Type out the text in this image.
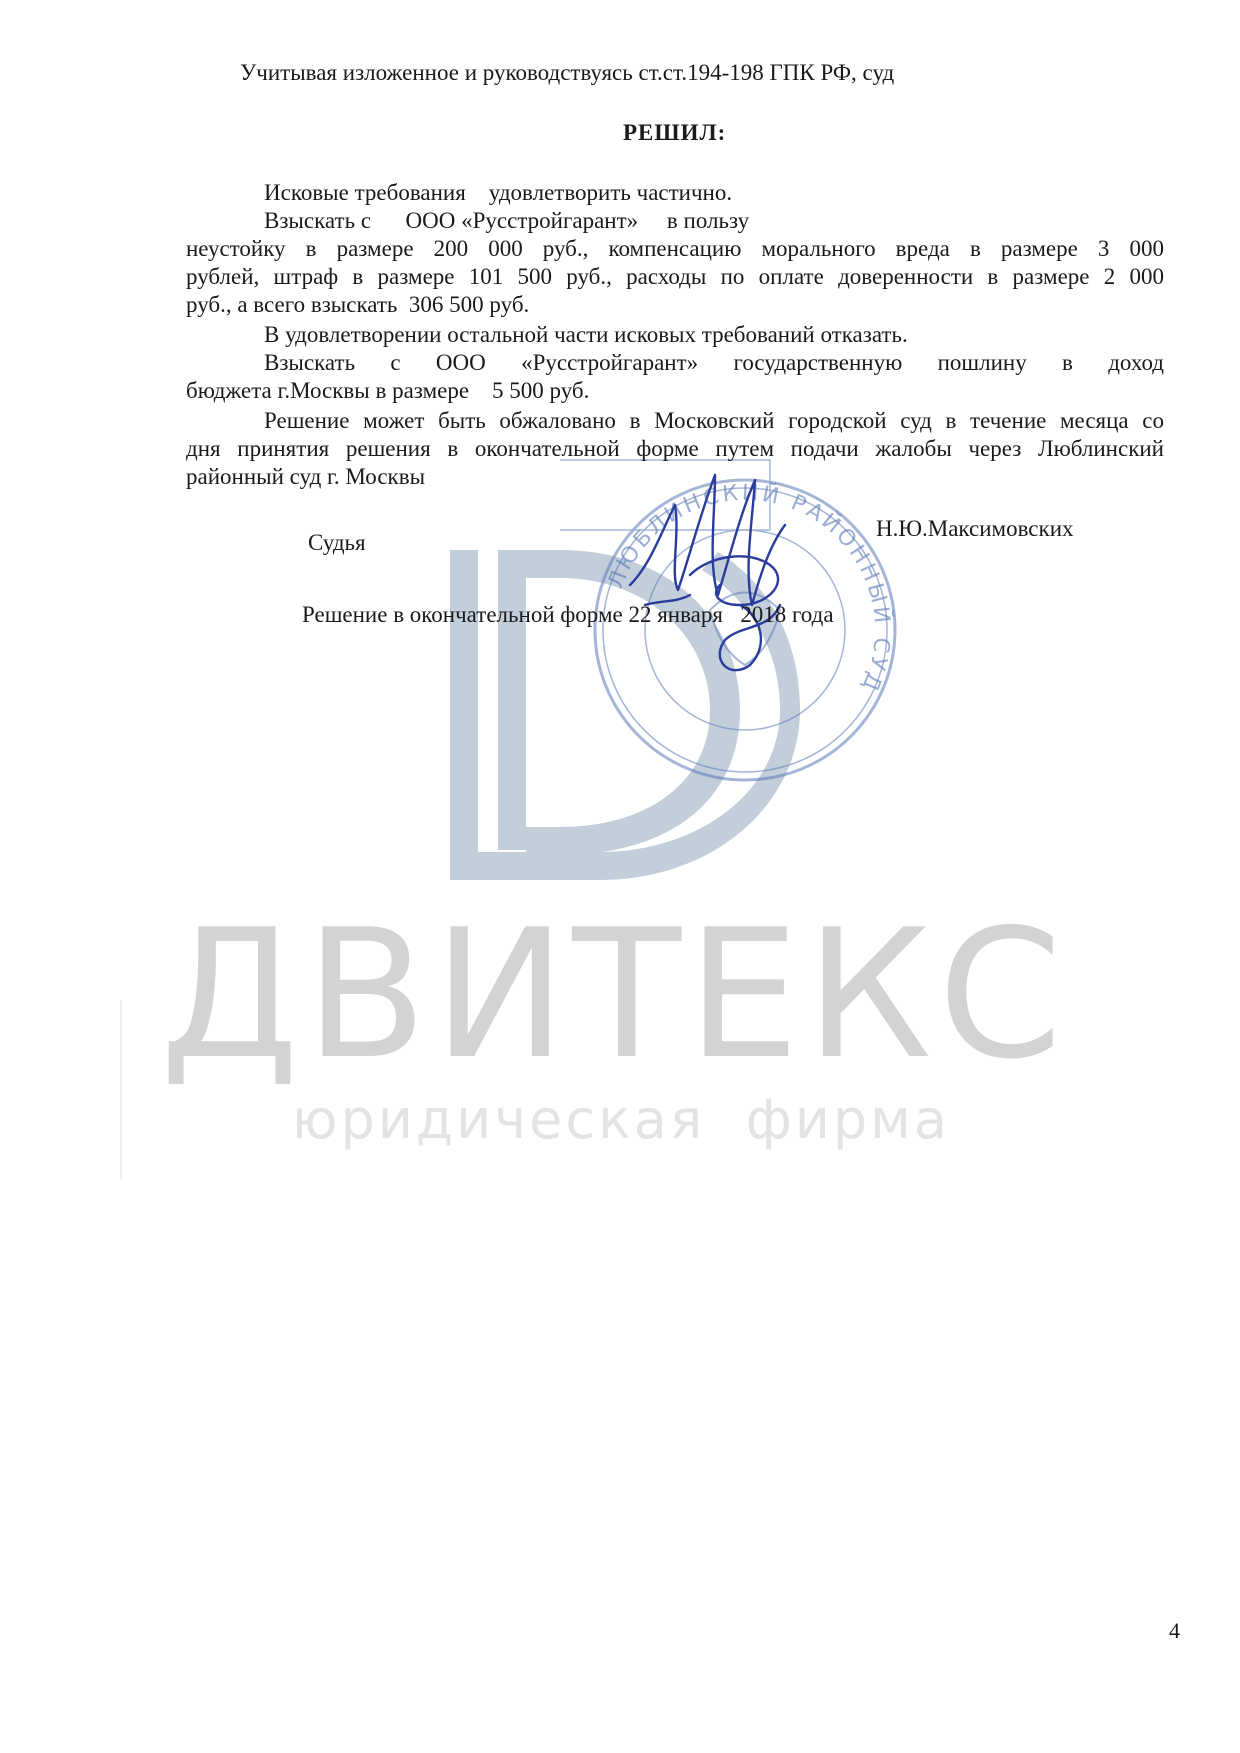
ДВИТЕКС
юридическая  фирма
ЛЮБЛИНСКИЙ РАЙОННЫЙ СУД
Учитывая изложенное и руководствуясь ст.ст.194-198 ГПК РФ, суд
РЕШИЛ:
Исковые требования    удовлетворить частично.
Взыскать с      ООО «Русстройгарант»     в пользу
неустойку в размере 200 000 руб., компенсацию морального вреда в размере 3 000
рублей, штраф в размере 101 500 руб., расходы по оплате доверенности в размере 2 000
руб., а всего взыскать  306 500 руб.
В удовлетворении остальной части исковых требований отказать.
Взыскать с ООО «Русстройгарант» государственную пошлину в доход
бюджета г.Москвы в размере    5 500 руб.
Решение может быть обжаловано в Московский городской суд в течение месяца со
дня принятия решения в окончательной форме путем подачи жалобы через Люблинский
районный суд г. Москвы
Судья
Н.Ю.Максимовских
Решение в окончательной форме 22 января   2018 года
4
